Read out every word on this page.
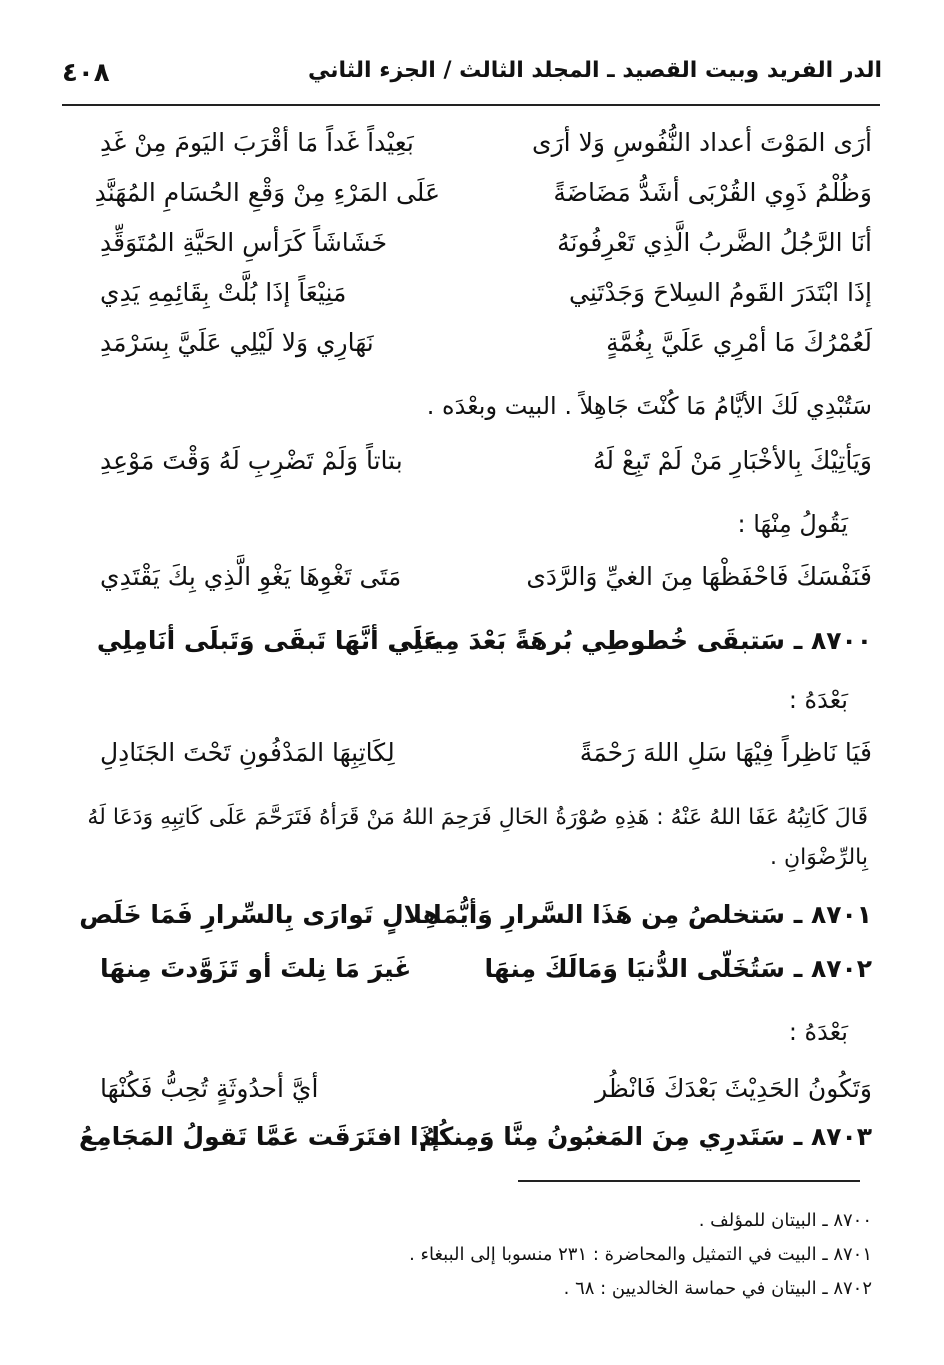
الدر الفريد وبيت القصيد ـ المجلد الثالث / الجزء الثاني
٤٠٨
أرَى المَوْتَ أعداد النُّفُوسِ وَلا أرَى
بَعِيْداً غَداً مَا أقْرَبَ اليَومَ مِنْ غَدِ
وَظُلْمُ ذَوِي القُرْبَى أشَدُّ مَضَاضَةً
عَلَى المَرْءِ مِنْ وَقْعِ الحُسَامِ المُهَنَّدِ
أنَا الرَّجُلُ الضَّربُ الَّذِي تَعْرِفُونَهُ
خَشَاشَاً كَرَأسِ الحَيَّةِ المُتَوَقِّدِ
إذَا ابْتَدَرَ القَومُ السِلاحَ وَجَدْتَنِي
مَنِيْعَاً إذَا بُلَّتْ بِقَائِمِهِ يَدِي
لَعُمْرُكَ مَا أمْرِي عَلَيَّ بِغُمَّةٍ
نَهَارِي وَلا لَيْلِي عَلَيَّ بِسَرْمَدِ
سَتُبْدِي لَكَ الأيَّامُ مَا كُنْتَ جَاهِلاً . البيت وبعْدَه .
وَيَأتِيْكَ بِالأخْبَارِ مَنْ لَمْ تَبِعْ لَهُ
بتاتاً وَلَمْ تَضْرِبِ لَهُ وَقْتَ مَوْعِدِ
يَقُولُ مِنْهَا :
فَنَفْسَكَ فَاحْفَظْهَا مِنَ الغيِّ وَالرَّدَى
مَتَى تَغْوِهَا يَغْوِ الَّذِي بِكَ يَقْتَدِي
٨٧٠٠ ـ سَتبقَى خُطوطِي بُرهَةً بَعْدَ مِيتتِي
عَلَى أنَّهَا تَبقَى وَتَبلَى أنَامِلِي
بَعْدَهُ :
فَيَا نَاظِراً فِيْهَا سَلِ اللهَ رَحْمَةً
لِكَاتِبِهَا المَدْفُونِ تَحْتَ الجَنَادِلِ
قَالَ كَاتِبُهُ عَفَا اللهُ عَنْهُ : هَذِهِ صُوْرَةُ الحَالِ فَرَحِمَ اللهُ مَنْ قَرَأهُ فَتَرَحَّمَ عَلَى كَاتِبِهِ وَدَعَا لَهُ بِالرِّضْوَانِ .
٨٧٠١ ـ سَتخلصُ مِن هَذَا السَّرارِ وَأيُّمَا
هِلالٍ تَوارَى بِالسِّرارِ فَمَا خَلَص
٨٧٠٢ ـ سَتُخَلّى الدُّنيَا وَمَالَكَ مِنهَا
غَيرَ مَا نِلتَ أو تَزَوَّدتَ مِنهَا
بَعْدَهُ :
وَتَكُونُ الحَدِيْثَ بَعْدَكَ فَانْظُر
أيَّ أحدُوثَةٍ تُحِبُّ فَكُنْهَا
٨٧٠٣ ـ سَتَدرِي مِنَ المَغبُونُ مِنَّا وَمِنكُمُ
إذَا افتَرَقَت عَمَّا تَقولُ المَجَامِعُ
٨٧٠٠ ـ البيتان للمؤلف .
٨٧٠١ ـ البيت في التمثيل والمحاضرة : ٢٣١ منسوبا إلى الببغاء .
٨٧٠٢ ـ البيتان في حماسة الخالديين : ٦٨ .
